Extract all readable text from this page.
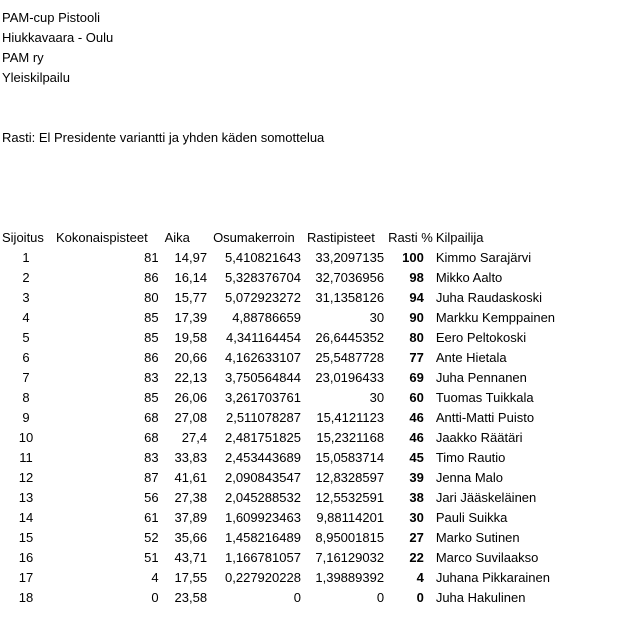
PAM-cup Pistooli
Hiukkavaara - Oulu
PAM ry
Yleiskilpailu
Rasti: El Presidente variantti ja yhden käden somottelua
Sijoitus	Kokonaispisteet	Aika	Osumakerroin	Rastipisteet	Rasti %	Kilpailija
1	81	14,97	5,410821643	33,2097135	100	Kimmo Sarajärvi
2	86	16,14	5,328376704	32,7036956	98	Mikko Aalto
3	80	15,77	5,072923272	31,1358126	94	Juha Raudaskoski
4	85	17,39	4,88786659	30	90	Markku Kemppainen
5	85	19,58	4,341164454	26,6445352	80	Eero Peltokoski
6	86	20,66	4,162633107	25,5487728	77	Ante Hietala
7	83	22,13	3,750564844	23,0196433	69	Juha Pennanen
8	85	26,06	3,261703761	30	60	Tuomas Tuikkala
9	68	27,08	2,511078287	15,4121123	46	Antti-Matti Puisto
10	68	27,4	2,481751825	15,2321168	46	Jaakko Räätäri
11	83	33,83	2,453443689	15,0583714	45	Timo Rautio
12	87	41,61	2,090843547	12,8328597	39	Jenna Malo
13	56	27,38	2,045288532	12,5532591	38	Jari Jääskeläinen
14	61	37,89	1,609923463	9,88114201	30	Pauli Suikka
15	52	35,66	1,458216489	8,95001815	27	Marko Sutinen
16	51	43,71	1,166781057	7,16129032	22	Marco Suvilaakso
17	4	17,55	0,227920228	1,39889392	4	Juhana Pikkarainen
18	0	23,58	0	0	0	Juha Hakulinen
